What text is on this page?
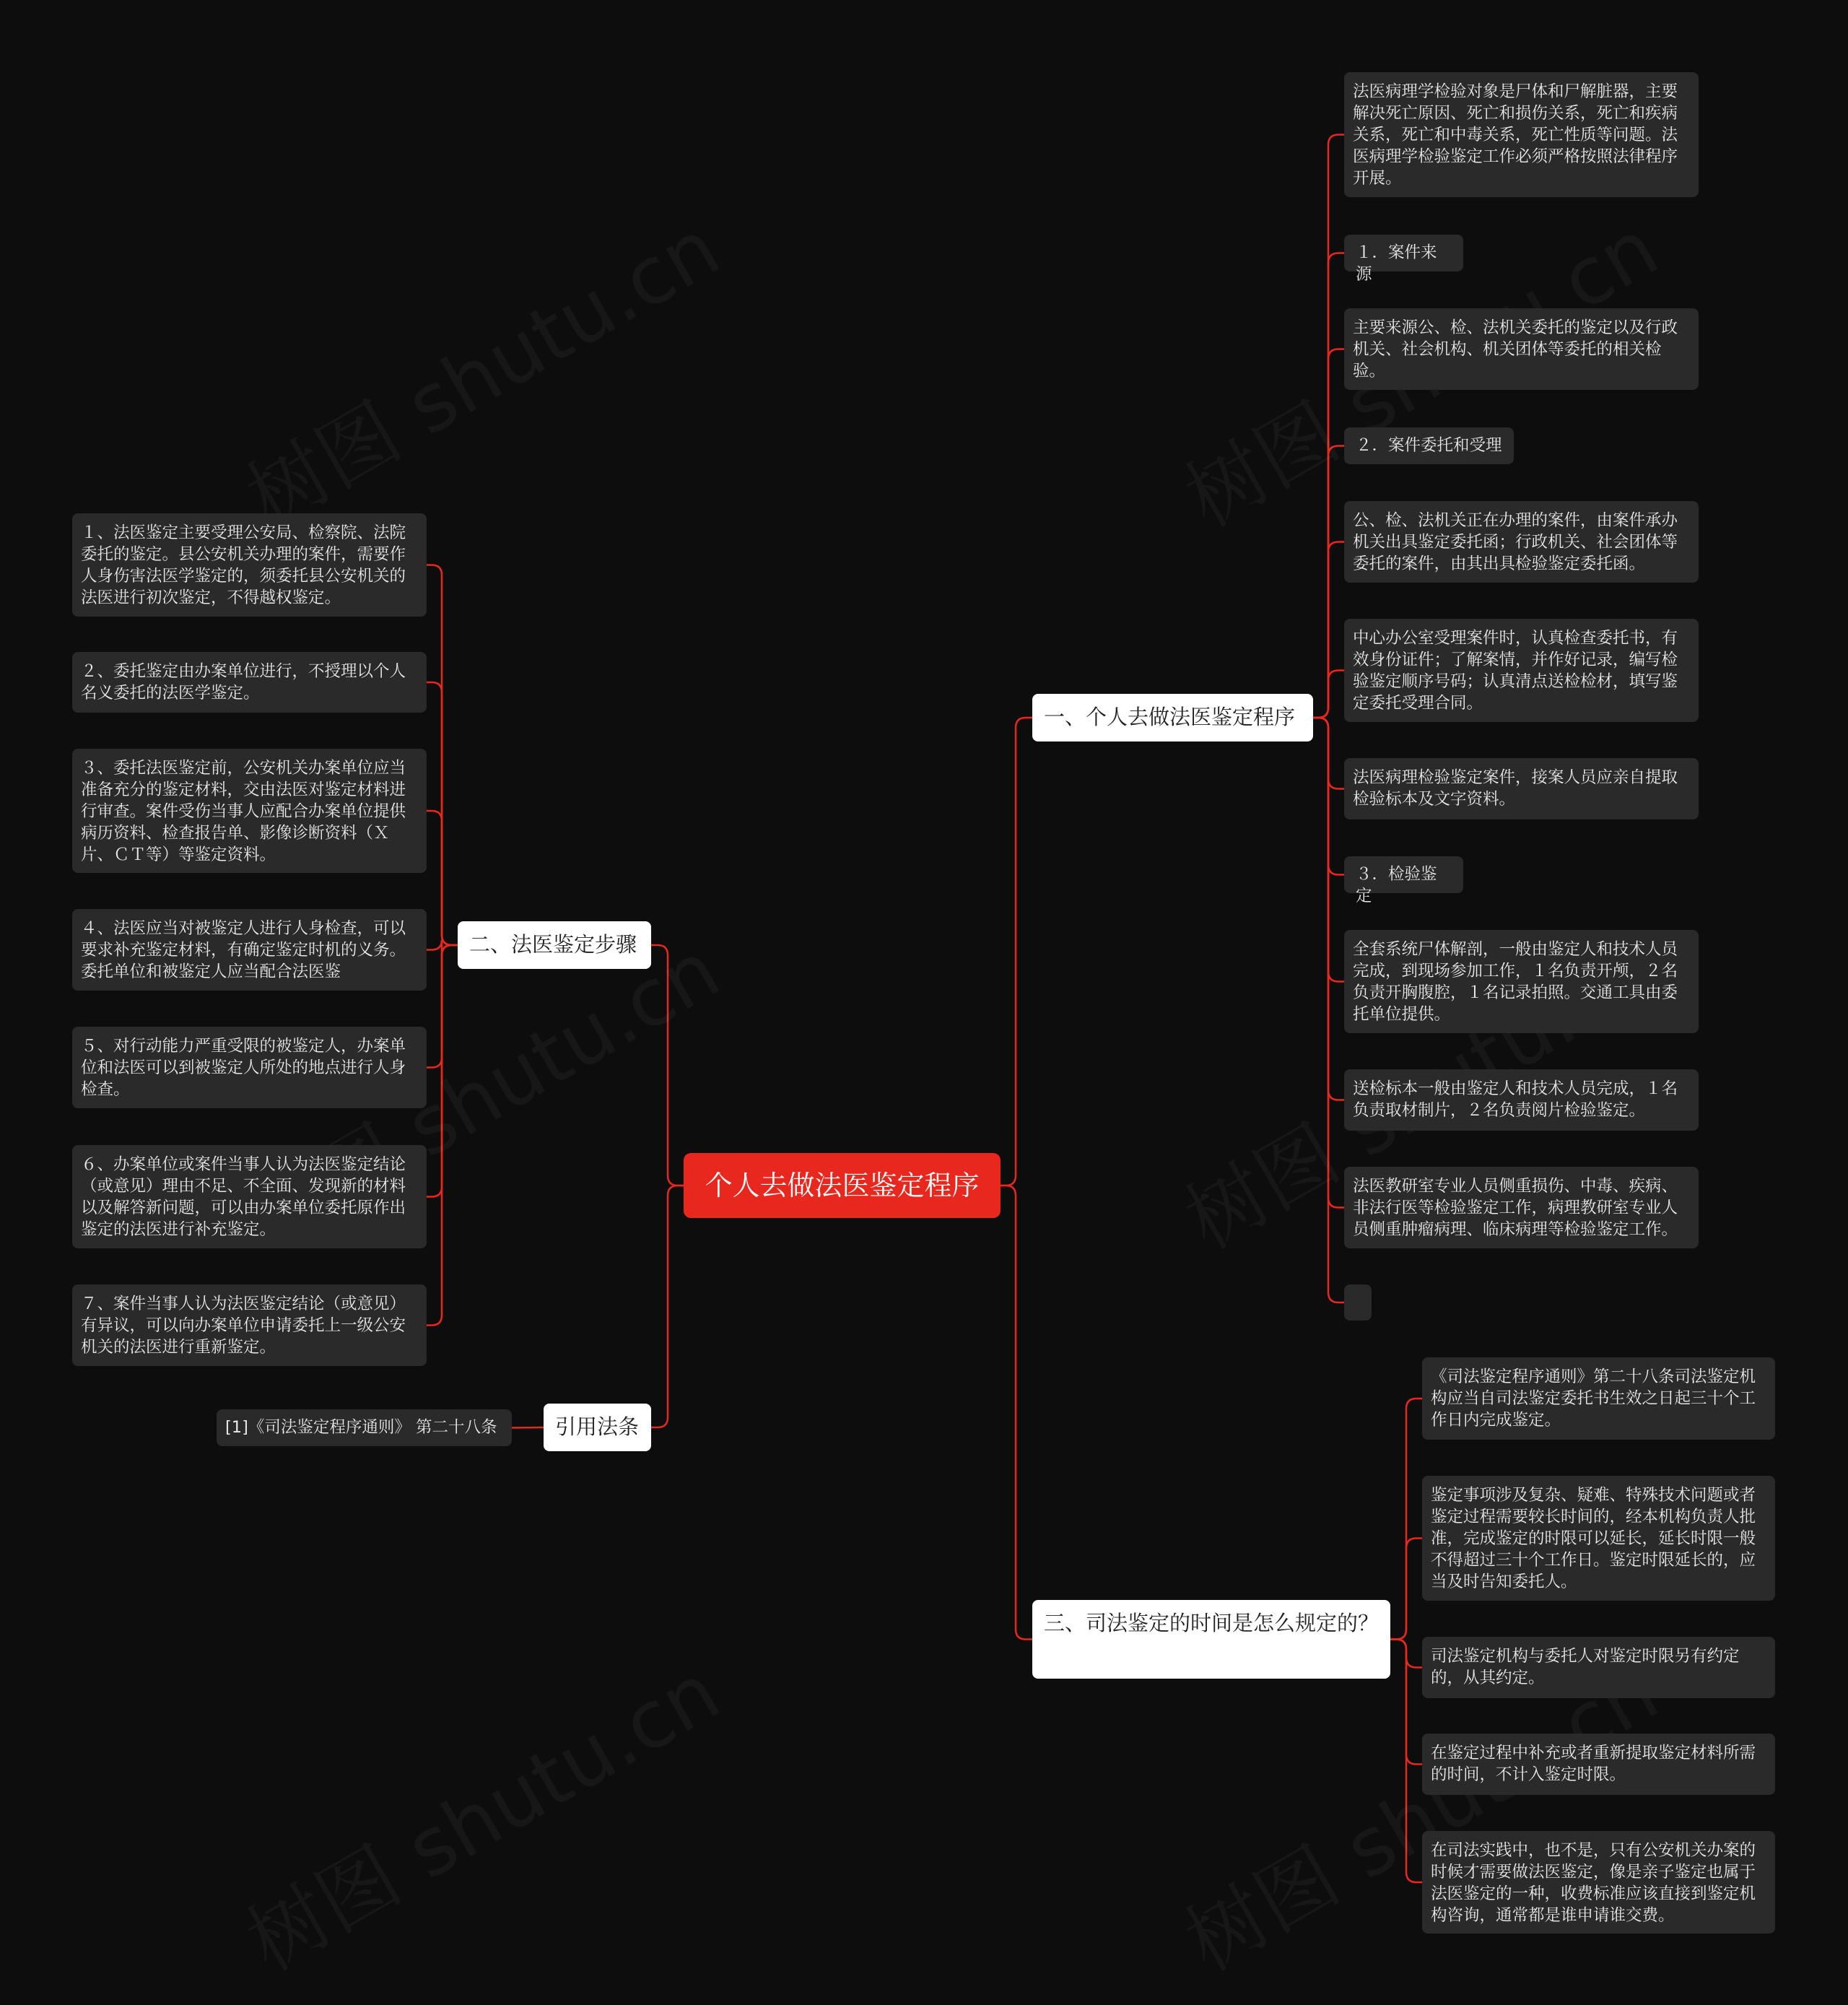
个人去做法医鉴定程序
一、个人去做法医鉴定程序
法医病理学检验对象是尸体和尸解脏器，主要解决死亡原因、死亡和损伤关系，死亡和疾病关系，死亡和中毒关系，死亡性质等问题。法医病理学检验鉴定工作必须严格按照法律程序开展。
１．案件来源
主要来源公、检、法机关委托的鉴定以及行政机关、社会机构、机关团体等委托的相关检验。
２．案件委托和受理
公、检、法机关正在办理的案件，由案件承办机关出具鉴定委托函；行政机关、社会团体等委托的案件，由其出具检验鉴定委托函。
中心办公室受理案件时，认真检查委托书，有效身份证件；了解案情，并作好记录，编写检验鉴定顺序号码；认真清点送检检材，填写鉴定委托受理合同。
法医病理检验鉴定案件，接案人员应亲自提取检验标本及文字资料。
３．检验鉴定
全套系统尸体解剖，一般由鉴定人和技术人员完成，到现场参加工作，１名负责开颅，２名负责开胸腹腔，１名记录拍照。交通工具由委托单位提供。
送检标本一般由鉴定人和技术人员完成，１名负责取材制片，２名负责阅片检验鉴定。
法医教研室专业人员侧重损伤、中毒、疾病、非法行医等检验鉴定工作，病理教研室专业人员侧重肿瘤病理、临床病理等检验鉴定工作。
二、法医鉴定步骤
１、法医鉴定主要受理公安局、检察院、法院委托的鉴定。县公安机关办理的案件，需要作人身伤害法医学鉴定的，须委托县公安机关的法医进行初次鉴定，不得越权鉴定。
２、委托鉴定由办案单位进行，不授理以个人名义委托的法医学鉴定。
３、委托法医鉴定前，公安机关办案单位应当准备充分的鉴定材料，交由法医对鉴定材料进行审查。案件受伤当事人应配合办案单位提供病历资料、检查报告单、影像诊断资料（Ｘ片、ＣＴ等）等鉴定资料。
４、法医应当对被鉴定人进行人身检查，可以要求补充鉴定材料，有确定鉴定时机的义务。委托单位和被鉴定人应当配合法医鉴
５、对行动能力严重受限的被鉴定人，办案单位和法医可以到被鉴定人所处的地点进行人身检查。
６、办案单位或案件当事人认为法医鉴定结论（或意见）理由不足、不全面、发现新的材料以及解答新问题，可以由办案单位委托原作出鉴定的法医进行补充鉴定。
７、案件当事人认为法医鉴定结论（或意见）有异议，可以向办案单位申请委托上一级公安机关的法医进行重新鉴定。
引用法条
[1]《司法鉴定程序通则》 第二十八条
三、司法鉴定的时间是怎么规定的？
《司法鉴定程序通则》第二十八条司法鉴定机构应当自司法鉴定委托书生效之日起三十个工作日内完成鉴定。
鉴定事项涉及复杂、疑难、特殊技术问题或者鉴定过程需要较长时间的，经本机构负责人批准，完成鉴定的时限可以延长，延长时限一般不得超过三十个工作日。鉴定时限延长的，应当及时告知委托人。
司法鉴定机构与委托人对鉴定时限另有约定的，从其约定。
在鉴定过程中补充或者重新提取鉴定材料所需的时间，不计入鉴定时限。
在司法实践中，也不是，只有公安机关办案的时候才需要做法医鉴定，像是亲子鉴定也属于法医鉴定的一种，收费标准应该直接到鉴定机构咨询，通常都是谁申请谁交费。
